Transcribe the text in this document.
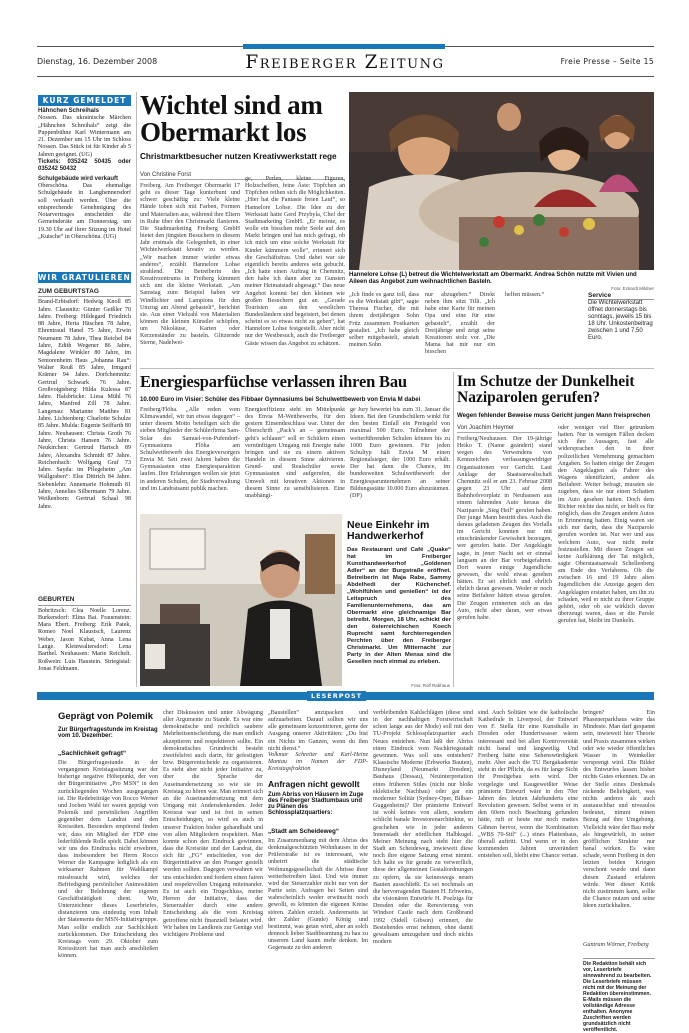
Dienstag, 16. Dezember 2008	Freiberger Zeitung	Freie Presse – Seite 15
KURZ GEMELDET

Hähnchen Schreihals
Nossen. Das ukrainische Märchen „Hähnchen Schreihals“ zeigt die Puppenbühne Karl Wintermann am 21. Dezember um 15 Uhr im Schloss Nossen. Das Stück ist für Kinder ab 5 Jahren geeignet. (UG)
Tickets: 035242 50435 oder 035242 50432

Schulgebäude wird verkauft
Oberschöna. Das ehemalige Schulgebäude in Langhennersdorf soll verkauft werden. Über die entsprechende Genehmigung des Notarvertrages entscheiden die Gemeinderäte am Donnerstag, um 19.30 Uhr auf ihrer Sitzung im Hotel „Kutsche“ in Oberschöna. (UG)

WIR GRATULIEREN
ZUM GEBURTSTAG

Brand-Erbisdorf: Hedwig Knoll 85 Jahre. Clausnitz: Günter Geißler 70 Jahre. Freiberg: Hildegard Friedrich 88 Jahre, Herta Häschen 78 Jahre, Ehrentraud Hanel 75 Jahre, Erwin Neumann 78 Jahre, Thea Reichel 84 Jahre, Edith Wegener 86 Jahre, Magdalene Winkler 80 Jahre, im Seniorenheim Haus „Johanna Rau“: Walter Reuß 85 Jahre, Irmgard Krämer 94 Jahre. Dorfchemnitz: Gertrud Schwark 76 Jahre. Großvoigtsberg: Hilda Kulessa 87 Jahre. Halsbrücke: Liesa Mühl 76 Jahre, Manfred Zill 78 Jahre. Langenau: Marianne Matthes 81 Jahre. Lichtenberg: Charlotte Schulze 85 Jahre. Mulda: Eugenie Seiffarth 80 Jahre. Neuhausen: Christa Groth 76 Jahre, Christa Hansen 76 Jahre. Neukirchen: Gertrud Hartsch 89 Jahre, Alexandra Schmidt 87 Jahre. Reichenbach: Wolfgang Graf 73 Jahre. Sayda: im Pflegeheim „Am Wallgraben“: Else Dittrich 84 Jahre. Siebenlehn: Annemarie Hohmuth 81 Jahre, Annelies Silbermann 79 Jahre. Weißenborn: Gertrud Schaal 98 Jahre.

GEBURTEN

Bobritzsch: Clea Noelle Lorenz. Burkersdorf: Elina Bai. Frauenstein: Mara Ebert. Freiberg: Erik Patek, Romeo Noel Klaustsch, Laurenz Weber, Jason Kubat, Anna Lena Lange. Kleinwaltersdorf: Lena Barthel. Neuhausen: Marie Reichelt. Roßwein: Luis Haustein. Striegistal: Jonas Feldmann.

Wichtel sind am Obermarkt los
Christmarktbesucher nutzen Kreativwerkstatt rege
Von Christine Forst
Freiberg. Am Freiberger Obermarkt 17 geht es dieser Tage kunterbunt und schwer geschäftig zu: Viele kleine Hände toben sich mit Farben, Formen und Materialien aus, während ihre Eltern in Ruhe über den Christmarkt flanieren. Die Stadtmarketing Freiberg GmbH bietet den jüngsten Besuchern in diesem Jahr erstmals die Gelegenheit, in einer Wichtelwerkstatt kreativ zu werden. „Wir machen immer wieder etwas anderes“, erzählt Hannelore Lohse strahlend. Die Betreiberin des Kreativzentrums in Freiberg kümmert sich um die kleine Werkstatt. „Am Samstag zum Beispiel haben wir Windlichter und Lampions für den Umzug am Abend gebastelt“, berichtet sie. Aus einer Vielzahl von Materialien können die kleinen Künstler schöpfen, um Nikoläuse, Karten oder Kerzenständer zu basteln. Glitzernde Sterne, Nadelwei-
ge, Perlen, kleine Figuren, Holzscheiben, feine Äste: Töpfchen an Töpfchen reihen sich die Möglichkeiten. „Hier hat die Fantasie freien Lauf“, so Hannelore Lohse. Die Idee zu der Werkstatt hatte Gerd Przybyla, Chef der Stadtmarketing GmbH. „Er meinte, es wolle ein bisschen mehr Seele auf den Markt bringen und hat mich gefragt, ob ich mich um eine solche Werkstatt für Kinder kümmern wolle“, erinnert sich die Geschäftsfrau. Und dabei war sie eigentlich bereits anderes sein gebucht. „Ich hatte einen Auftrag in Chemnitz, den habe ich dann aber zu Gunsten meiner Heimatstadt abgesagt.“ Das neue Angebot kommt bei den kleinen wie großen Besuchern gut an. „Gerade Touristen aus den westlichen Bundesländern sind begeistert, bei denen scheint es so etwas nicht zu geben“, hat Hannelore Lohse festgestellt. Aber nicht nur der Westbesuch, auch die Freiberger Gäste wissen das Angebot zu schätzen.
Hannelore Lohse (L) betreut die Wichtelwerkstatt am Obermarkt. Andrea Schön nutzte mit Vivien und Aileen das Angebot zum weihnachtlichen Basteln.
Foto: Eckardt Mildner
„Ich finde es ganz toll, dass es die Werkstatt gibt“, sagte Theresa Fischer, die mit ihrem dreijährigen Sohn Fritz zusammen Postkarten gestaltet. „Ich habe gleich selber mitgebastelt, anstatt meinen Sohn
nur abzugeben.“ Direkt neben ihm sitzt Tilli. „Ich habe eine Karte für meinen Opa und eine für eine gebastelt“, erzählt der Dreijährige und zeigt seine Kreationen stolz vor. „Die Mama hat mir nur ein bisschen
helfen müssen.“	Service
Die Wichtelwerkstatt öffnet donnerstags bis sonntags, jeweils 15 bis 18 Uhr. Unkostenbeitrag zwischen 1 und 7,50 Euro.
Energiesparfüchse verlassen ihren Bau
10.000 Euro im Visier: Schüler des Fibbaer Gymnasiums bei Schulwettbewerb von Envia M dabei
Freiberg/Flöha. „Alle reden vom Klimawandel, wir tun etwas dagegen“ – unter diesem Motto beteiligen sich die sieben Mitglieder der Schülerfirma Sam-Solar des Samuel-von-Pufendorf-Gymnasiums Flöha am Schulwettbewerb des Energieversorgers Envia M. Seit zwei Jahren haben die Gymnasiasten eine Energiesparaktion laufen. Ihre Erfahrungen wollen sie jetzt in anderen Schulen, der Stadtverwaltung und im Landratsamt publik machen.
Energieeffizienz steht im Mittelpunkt des Envia M-Wettbewerbs, für den gestern Einsendeschluss war. Unter der Überschrift „Pack's an – gemeinsam geht's schlauer“ soll er Schülern einen vernünftigen Umgang mit Energie nahe bringen und sie zu einem aktiven Handeln in diesem Sinne aktivieren. Grund- und Realschüler sowie Gymnasiasten sind aufgerufen, die Umwelt mit kreativen Aktionen in diesem Sinne zu sensibilisieren. Eine unabhängi-
ge Jury bewertet bis zum 31. Januar die Ideen. Bei den Grundschülern winkt für den besten Einfall ein Preisgeld von maximal 500 Euro. Teilnehmer der weiterführenden Schulen können bis zu 1000 Euro gewinnen. Für jeden Schultyp hält Envia M einen Regionalsieger, der 1000 Euro erhält. Der hat dann die Chance, im bundesweiten Schulwettbewerb der Energiesparunternehmen an seiner Bildungsstätte 10.000 Euro abzuräumen. (DP)
Neue Einkehr im Handwerkerhof
Das Restaurant und Café „Quake“ hat im Freiberger Kunsthandwerkerhof „Goldenen Adler“ an der Burgstraße eröffnet. Betreiberin ist Maja Rabe, Sammy Abdelhedi der Küchenchef. „Wohlfühlen und genießen“ ist der Leitspruch des Familienunternehmens, das am Obermarkt eine gleichnamige Bar betreibt. Morgen, 18 Uhr, schickt der den österreichischen Koech Ruprecht samt furchterregenden Perchten über den Freiberger Christmarkt. Um Mitternacht zur Party in der Alten Mensa sind die Gesellen noch einmal zu erleben.
Foto: Rolf Rabhaus
Im Schutze der Dunkelheit Naziparolen gerufen?
Wegen fehlender Beweise muss Gericht jungen Mann freisprechen
Von Joachim Heymer
Freiberg/Neuhausen. Der 19-jährige Heiko T. (Name geändert) stand wegen des Verwendens von Kennzeichen verfassungswidriger Organisationen vor Gericht. Laut Anklage der Staatsanwaltschaft Chemnitz soll er am 23. Februar 2008 gegen 23 Uhr auf dem Bahnhofsvorplatz in Neuhausen aus einem fahrenden Auto heraus die Naziparole „Sieg Heil“ gerufen haben. Der junge Mann bestritt dies. Auch die daraus geladenen Zeugen des Vorfalls im Gericht konnten nur mit einschränkender Gewissheit bezeugen, wer gerufen hatte. Der Angeklagte sagte, in jener Nacht sei er einmal langsam an der Bar vorbeigefahren. Dort waren einige Jugendliche gewesen, die wohl etwas gesehen hätten. Er sei ehrlich und ehrlich ehrlich daran gewesen. Weder er noch seine Beifahrer hätten etwas gerufen. Die Zeugen erinnerten sich an das Auto, nicht aber daran, wer etwas gerufen habe.
oder weniger viel Bier getrunken hatten. Nur in wenigen Fällen decken sich ihre Aussagen, fast alle widersprachen den in ihrer polizeilichen Vernehmung gemachten Angaben. So hatten einige der Zeugen den Angeklagten als Fahrer des Wagens identifiziert, andere als Beifahrer. Weiter befragt, mussten sie zugeben, dass sie nur einen Schatten im Auto gesehen hatten. Doch dem Richter reichte das nicht, er hielt es für möglich, dass die Zeugen andere Autos in Erinnerung hatten. Einig waren sie sich nur darin, dass die Naziparole gerufen worden ist. Nur wer und aus welchem Auto, war nicht mehr festzustellen. Mit diesen Zeugen sei keine Aufklärung der Tat möglich, sagte Oberstaatsanwalt Schellenberg am Ende des Verfahrens. Ob die zwischen 16 und 19 Jahre alten Jugendlichen die Anzeige gegen den Angeklagten erstattet haben, um ihn zu schaden, weil er nicht zu ihrer Gruppe gehört, oder ob sie wirklich davon überzeugt waren, dass er die Parole gerufen hat, bleibt im Dunkeln.
LESERPOST
Geprägt von Polemik
Zur Bürgerfragestunde im Kreistag vom 10. Dezember:
„Sachlichkeit gefragt“
Die Bürgerfragestunde in der vergangenen Kreistagssitzung war der bisherige negative Höhepunkt, der von der Bürgerinitiative „Pro MSN“ in den zurückliegenden Wochen ausgegangen ist. Die Redebeiträge von Rocco Werner und Jochen Wahl ter waren geprägt von Polemik und persönlichen Angriffen gegenüber dem Landrat und den Kreisräten. Besonders empörend finden wir, dass ein Mitglied der FDP eine lederfühlende Rolle spielt. Dabei können wir uns des Eindrucks nicht erwehren, dass insbesondere bei Herrn Rocco Werner die Kampagne lediglich als ein wirksamer Rahmen für Wahlkampf missbraucht wird, welches der Befriedigung persönlicher Animositäten und der Belehrung der eigenen Geschäftstätigkeit dient. Wir, Unterzeichner dieses Leserbriefes, distanzieren uns eindeutig vom Inhalt der Statements der MSN-Initiativgruppe. Man sollte endlich zur Sachlichkeit zurückkommen. Der Entscheidung des Kreistags vom 29. Oktober zum Kreissitzort hat man auch anschließen können.
cher Diskussion und unter Abwägung aller Argumente zu Stande. Es war eine demokratische und rechtlich saubere Mehrheitsentscheidung, die man endlich akzeptieren und respektieren sollte. Ein demokratisches Grundrecht besteht zweifelsfrei auch darin, für gefestigten bzw. Bürgerentscheide zu organisieren. Es steht aber nicht jeder Initiative zu, über die Sprache der Auseinandersetzung so wie sie im Kreistag zu hören war. Man erinnert sich an die Auseinandersetzung mit dem Umgang mit Andersdenkenden. Jeder Kreisrat war und ist frei in seinen Entscheidungen, so wird es auch in unserer Fraktion bisher gehandhabt und von allen Mitgliedern respektiert. Man konnte schon den Eindruck gewinnen, dass die Kreisräte und der Landrat, die sich für „FG“ entschieden, von der Bürgerinitiative an den Pranger gestellt werden sollten. Dagegen verwahren wir uns entschieden und fordern einen fairen und respektvollen Umgang miteinander. Es ist auch ein Trugschluss, meine Herren der Initiative, dass der Steuerzahler durch eine andere Entscheidung als die vom Kreistag getroffene nicht finanziell belastet wird. Wir haben im Landkreis zur Genüge viel wichtigere Probleme und
„Baustellen“ anzupacken und aufzuarbeiten. Darauf sollten wir uns alle gemeinsam konzentrieren, gerne der Ausgang unserer Aktivitäten: „Du bist ein Nichts im Ganzen, wenn du ihm nicht dienst.“
Volkmar Schreiter und Karl-Heinz Mantau im Namen der FDP-Kreistagsfraktion
Anfragen nicht gewollt
Zum Abriss von Häusern im Zuge des Freiberger Stadtumbaus und zu Plänen des Schlossplatzquartiers:
„Stadt am Scheideweg“
Im Zusammenhang mit dem Abriss des denkmalgeschützten Wohnhauses in der Prüferstraße ist es interessant, wie unbeirrt die städtische Wohnungsgesellschaft die Abrisse ihrer weiterbetreiben lässt. Und wie immer wird der Steuerzahler nicht nur von der Partie sein. Anfragen bei Seiten sind wahrscheinlich weder erwünscht noch gewollt, es könnten die eigenen Kreise stören. Zahlen erzielt. Andererseits ist der Zahler (Gunde) König und bestimmt, was getan wird, aber an solch dennoch lieber Stadtbeamtung zu hau zu unserem Land kaum mehr denken. Im Gegensatz zu den anderen
verbleibenden Kahlschlägen (diese sind in der nachhaltigen Forstwirtschaft schon lange aus der Mode) soll mit den TU-Projekt Schlossplatzquartier auch Neues entstehen. Nun laßt der Abriss einen Eindruck vom Nachkriegsstadt gewinnen. Was soll uns entstehen? Klassische Moderne (Erbwerks Bauten), Disneyland (Neumarkt Dresden), Bauhaus (Dessau), Neuinterpretation eines früheren Stiles (nicht nur bloße eklektische Nachbau) oder gar ein moderner Solitär (Sydney-Oper, Bilbao-Guggenheim)? Der prämierte Entwurf ist wohl keines von allem, sondern schlicht banale Investorenarchitektur, so geschehen wie in jeder anderen Innenstadt der nördlichen Halbkugel. Meiner Meinung nach steht hier die Stadt am Scheideweg, inwieweit diese noch ihre eigene Satzung ernst nimmt. Ich halte es für gerade zu verwerflich, diese der allgemeinen Gestaltordnungen zu opfern, da sie keineswegs neuen Bauten ausschließt. Es sei nochmals an die hervorragenden Bauten H. Erbweins, die visionären Entwürfe H. Poelzigs für Dresden oder die Renovierung von Windsor Castle nach dem Großbrand 1992 (Sidell Gibson) erinnert, die Bestehendes ernst nehmen, ohne damit gewaltsam umzugehen und doch nichts modern
sind. Auch Solitäre wie die katholische Kathedrale in Liverpool, der Entwurf von F. Stella für eine Kunsthalle in Dresden oder Hundertwasser wären interessant und bei allen Kontroversität nicht banal und langweilig. Und Freiberg hätte eine Sehenswürdigkeit mehr. Aber auch die TU Bergakademie steht in der Pflicht, da es für lange Sicht ihr Prestigebau sein wird. Der vorgelegte und Kaugeweißter Weise prämierte Entwurf wäre in den 70er Jahren des letzten Jahrhunderts eine Revolution gewesen. Selbst wenn er in den 60ern noch Beachtung gefunden hätte, ruft er heute nur noch mattes Gähnen hervor, wenn die Kombination „WBS 70-Stil“ (...) eines Plattenbaus, überall auftritt. Und wenn er in den kommenden Jahren unverändert entstehen soll, bleibt eine Chance vertan.
bringen? Ein Phasenerparkhaus wäre das Mindeste. Man darf gespannt sein, inwieweit hier Theorie und Praxis zusammen wirken oder wie wieder öffentliches Wasser in Weinkeller versprengt wird. Die Bilder des Entwurfes lassen bisher nichts Gutes erkennen. Da an der Stelle eines Denkmals räckende Beliebigkeit, was nichts anderes als auch austauschbar und niveaulos bedeutet, nimmt reinen Bezug auf ihre Umgebung. Vielleicht wäre der Bau mehr als hingewürfelt, in seiner gröfflichen Struktur nur banal wirken. Es wäre schade, wenn Freiberg in den letzten beiden Kriegen verschont wurde und dann diesen Zustand erfahren würde. Wer dieser Kritik nicht zustimmen kann, sollte die Chance nutzen und seine Ideen zurückhalten.
Guntram Wörner, Freiberg
Die Redaktion behält sich vor, Leserbriefe sinnwahrend zu bearbeiten. Die Leserbriefe müssen nicht mit der Meinung der Redaktion übereinstimmen. E-Mails müssen die vollständige Adresse enthalten. Anonyme Zuschriften werden grundsätzlich nicht veröffentlicht.
